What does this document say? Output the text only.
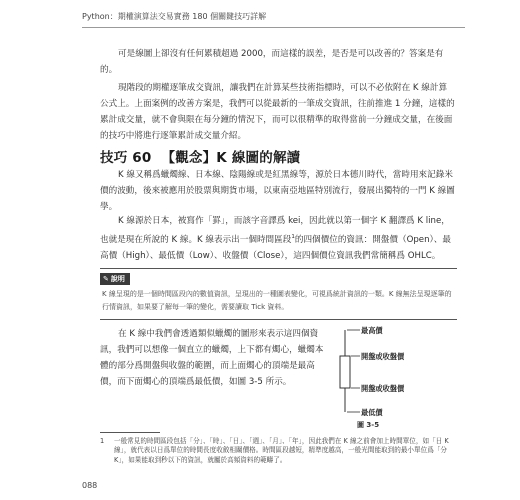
Python：期權演算法交易實務 180 個關鍵技巧詳解

可是線圖上卻沒有任何累積超過 2000，而這樣的誤差，是否是可以改善的？答案是有的。

現階段的期權逐筆成交資訊，讓我們在計算某些技術指標時，可以不必依附在 K 線計算公式上。上面案例的改善方案是，我們可以從最新的一筆成交資訊，往前推進 1 分鐘，這樣的累計成交量，就不會與限在每分鐘的情況下，而可以很精準的取得當前一分鐘成交量，在後面的技巧中將進行逐筆累計成交量介紹。

技巧 60 【觀念】K 線圖的解讀

K 線又稱爲蠟燭線、日本線、陰陽線或是紅黑線等，源於日本德川時代，當時用來記錄米價的波動，後來被應用於股票與期貨市場，以東南亞地區特別流行，發展出獨特的一門 K 線圖學。

K 線源於日本，被寫作「罫」，而該字音譯爲 kei，因此就以第一個字 K 翻譯爲 K line，也就是現在所說的 K 線。K 線表示出一個時間區段$^1$的四個價位的資訊：開盤價（Open）、最高價（High）、最低價（Low）、收盤價（Close），這四個價位資訊我們常簡稱爲 OHLC。

✎ 說明

K 線呈現的是一個時間區段內的數值資訊，呈現出的一種圖表變化，可視爲統計資訊的一類。K 線無法呈現逐筆的行情資訊，如果要了解每一筆的變化，需要讀取 Tick 資料。

在 K 線中我們會透過類似蠟燭的圖形來表示這四個資訊，我們可以想像一個直立的蠟燭，上下都有燭心，蠟燭本體的部分爲開盤與收盤的範圍，而上面燭心的頂端是最高價，而下面燭心的頂端爲最低價，如圖 3-5 所示。

最高價
開盤或收盤價
開盤或收盤價
最低價
圖 3-5
1 一般常見的時間區段包括「分」、「時」、「日」、「週」、「月」、「年」，因此我們在 K 線之前會加上時間單位，如「日 K 線」，就代表以日爲單位的時間長度收斂相關價格。時間區段越短，精準度越高，一般光間能取到的最小單位爲「分 K」，如果能取到秒以下的資訊，就屬於高頻資料的範疇了。
088
